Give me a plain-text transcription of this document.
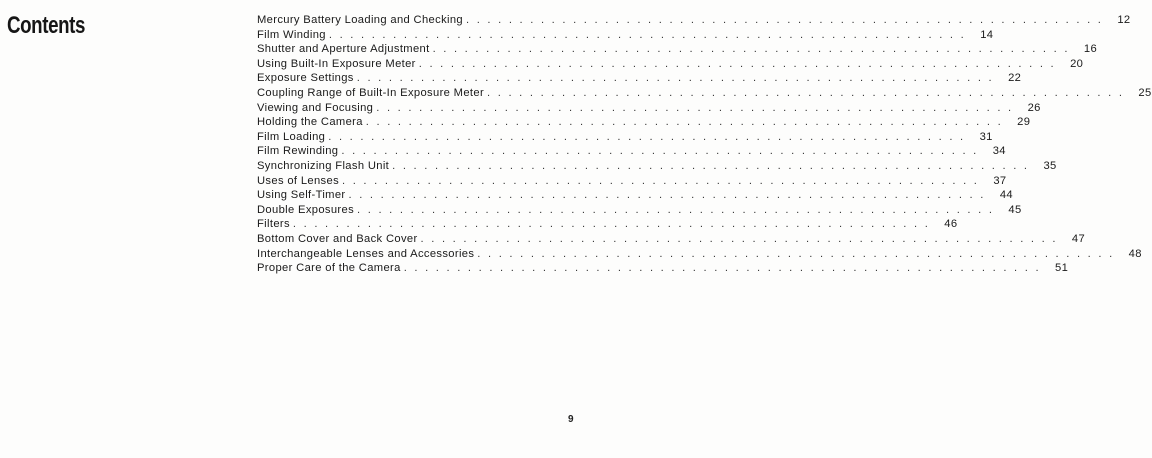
Contents	Mercury Battery Loading and Checking ............................................................ 12
Film Winding ............................................................ 14
Shutter and Aperture Adjustment ............................................................ 16
Using Built-In Exposure Meter ............................................................ 20
Exposure Settings ............................................................ 22
Coupling Range of Built-In Exposure Meter ............................................................ 25
Viewing and Focusing ............................................................ 26
Holding the Camera ............................................................ 29
Film Loading ............................................................ 31
Film Rewinding ............................................................ 34
Synchronizing Flash Unit ............................................................ 35
Uses of Lenses ............................................................ 37
Using Self-Timer ............................................................ 44
Double Exposures ............................................................ 45
Filters ............................................................ 46
Bottom Cover and Back Cover ............................................................ 47
Interchangeable Lenses and Accessories ............................................................ 48
Proper Care of the Camera ............................................................ 51
9
